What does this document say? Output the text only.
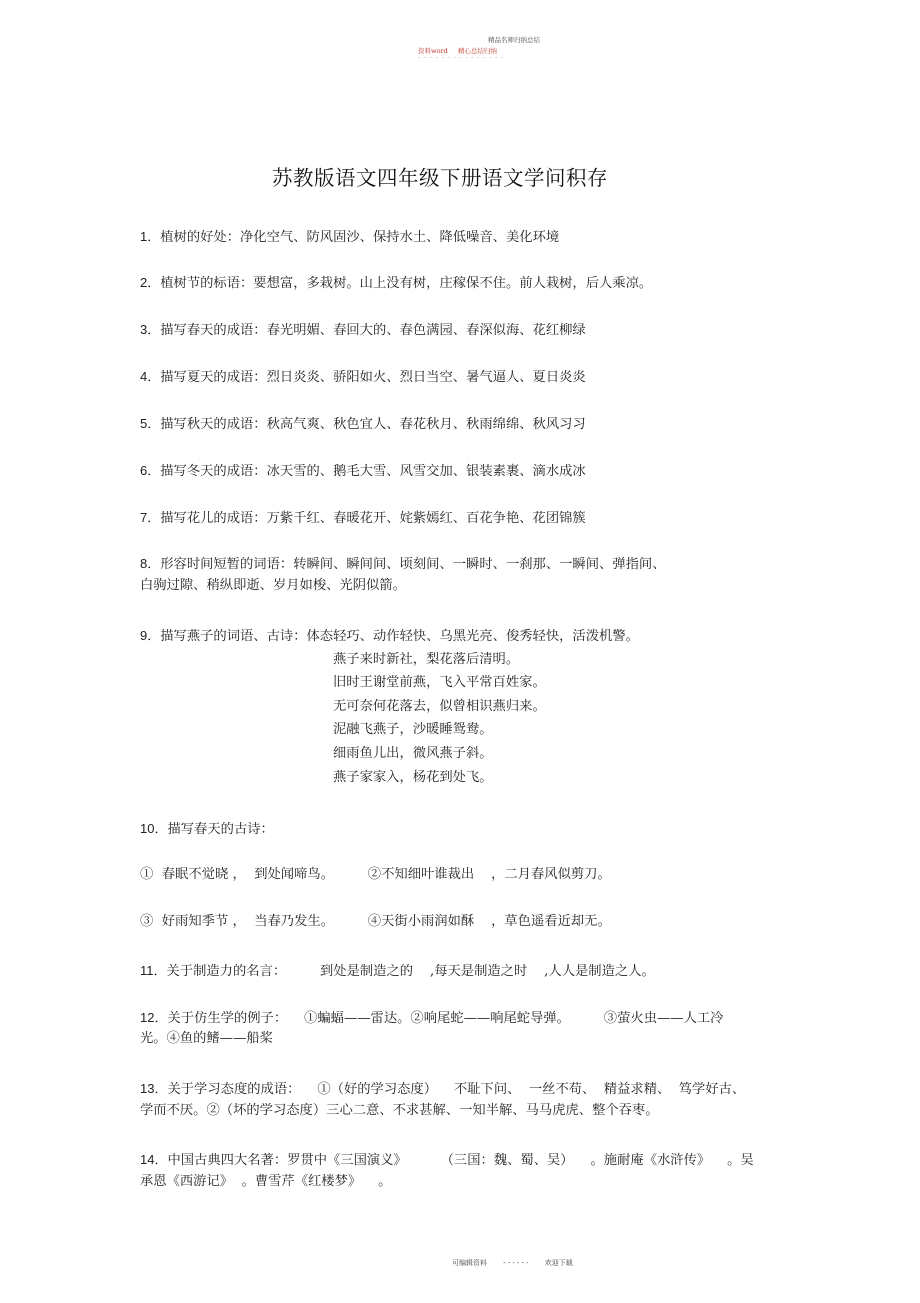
精品名师归纳总结
资料word 精心总结归纳
- - - - - - - - - - - - - - -
苏教版语文四年级下册语文学问积存
1．植树的好处：净化空气、防风固沙、保持水土、降低噪音、美化环境
2．植树节的标语：要想富，多栽树。山上没有树，庄稼保不住。前人栽树，后人乘凉。
3．描写春天的成语：春光明媚、春回大的、春色满园、春深似海、花红柳绿
4．描写夏天的成语：烈日炎炎、骄阳如火、烈日当空、暑气逼人、夏日炎炎
5．描写秋天的成语：秋高气爽、秋色宜人、春花秋月、秋雨绵绵、秋风习习
6．描写冬天的成语：冰天雪的、鹅毛大雪、风雪交加、银装素裹、滴水成冰
7．描写花儿的成语：万紫千红、春暖花开、姹紫嫣红、百花争艳、花团锦簇
8．形容时间短暂的词语：转瞬间、瞬间间、顷刻间、一瞬时、一刹那、一瞬间、弹指间、
白驹过隙、稍纵即逝、岁月如梭、光阴似箭。
9．描写燕子的词语、古诗：体态轻巧、动作轻快、乌黑光亮、俊秀轻快，活泼机警。
燕子来时新社，梨花落后清明。
旧时王谢堂前燕，飞入平常百姓家。
无可奈何花落去，似曾相识燕归来。
泥融飞燕子，沙暖睡鸳鸯。
细雨鱼儿出，微风燕子斜。
燕子家家入，杨花到处飞。
10．描写春天的古诗：
①  春眠不觉晓 ，  到处闻啼鸟。        ②不知细叶谁裁出    ，二月春风似剪刀。
③  好雨知季节 ，  当春乃发生。        ④天街小雨润如酥    ，草色遥看近却无。
11．关于制造力的名言：        到处是制造之的    ,每天是制造之时    ,人人是制造之人。
12．关于仿生学的例子：    ①蝙蝠——雷达。②响尾蛇——响尾蛇导弹。        ③萤火虫——人工冷
光。④鱼的鳍——船桨
13．关于学习态度的成语：    ①（好的学习态度）    不耻下问、  一丝不苟、  精益求精、  笃学好古、
学而不厌。②（坏的学习态度）三心二意、不求甚解、一知半解、马马虎虎、整个吞枣。
14．中国古典四大名著：罗贯中《三国演义》        （三国：魏、蜀、吴）    。施耐庵《水浒传》    。吴
承恩《西游记》  。曹雪芹《红楼梦》    。
可编辑资料 - - - - - - 欢迎下载
